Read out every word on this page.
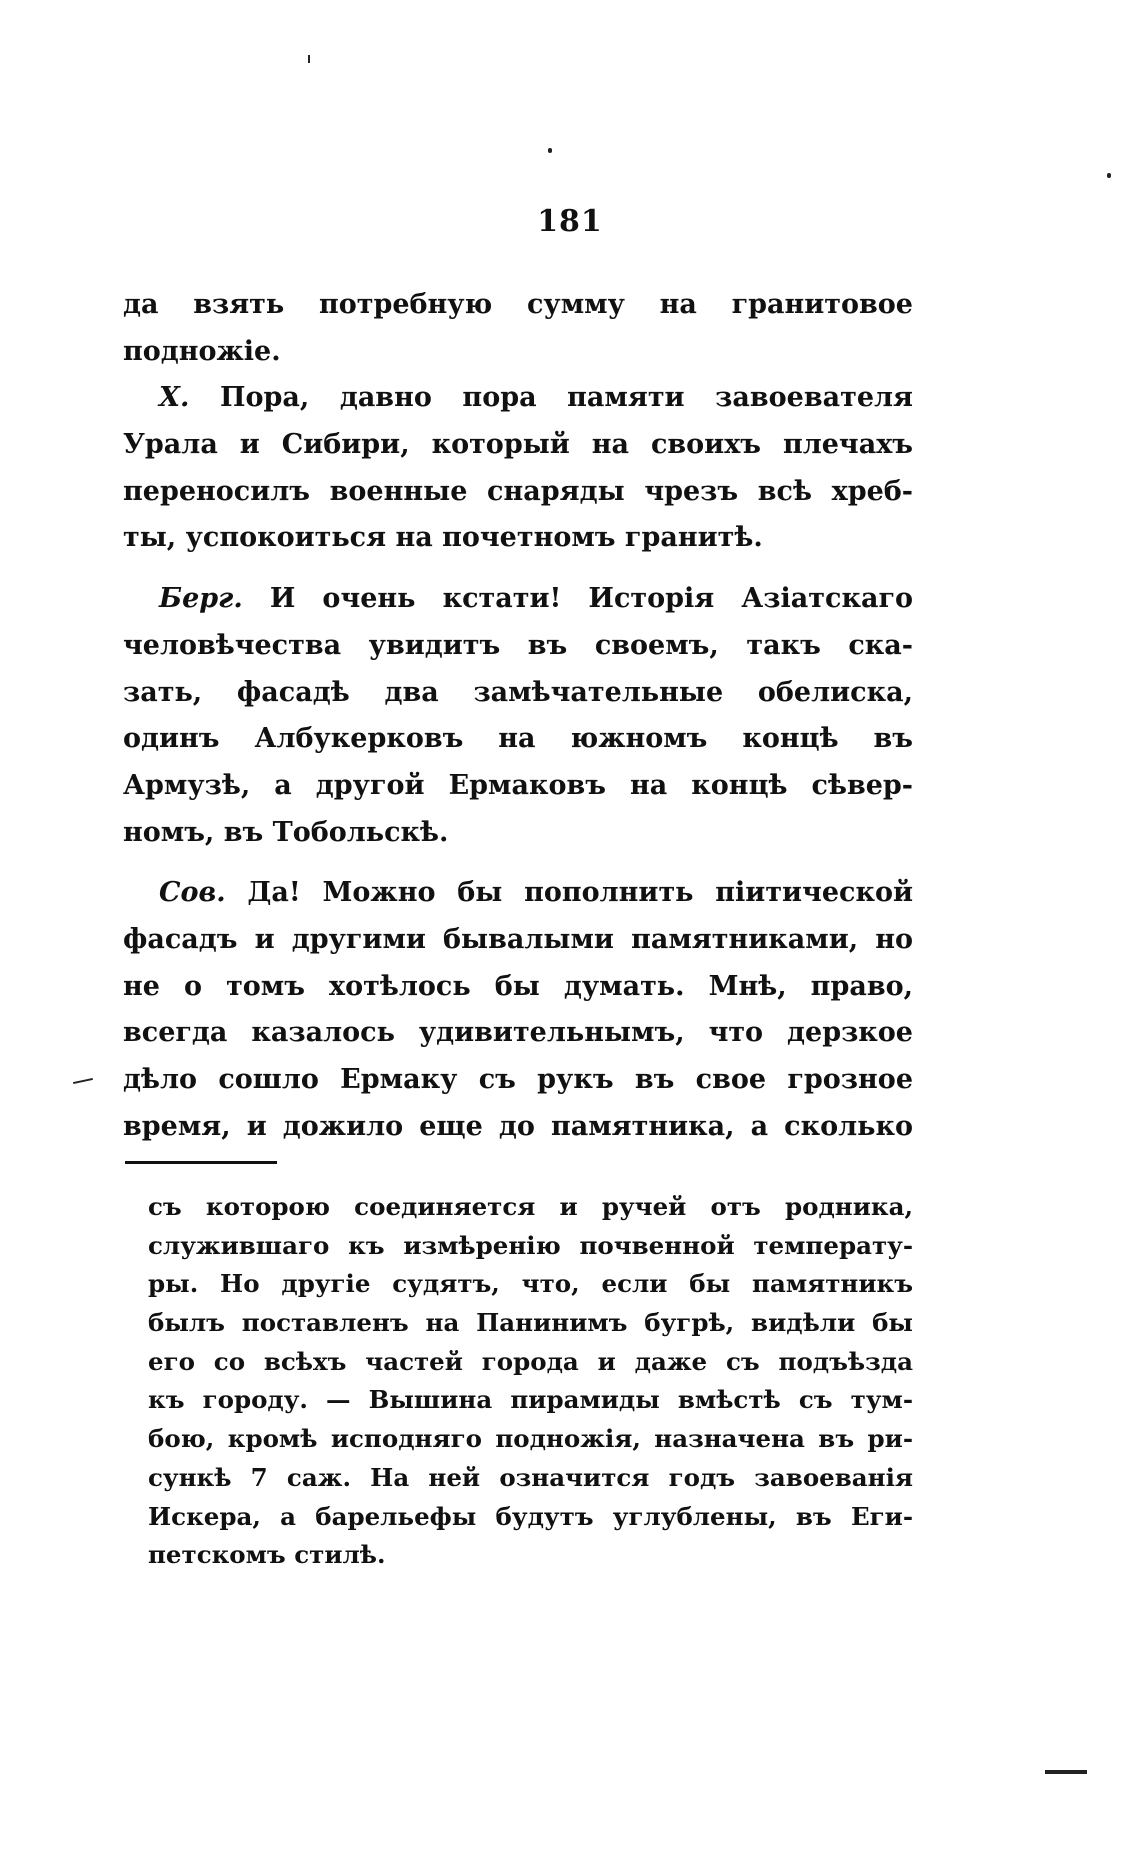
181
да взять потребную сумму на гранитовое
подножіе.
Х. Пора, давно пора памяти завоевателя
Урала и Сибири, который на своихъ плечахъ
переносилъ военные снаряды чрезъ всѣ хреб-
ты, успокоиться на почетномъ гранитѣ.
Берг. И очень кстати! Исторія Азіатскаго
человѣчества увидитъ въ своемъ, такъ ска-
зать, фасадѣ два замѣчательные обелиска,
одинъ Албукерковъ на южномъ концѣ въ
Армузѣ, а другой Ермаковъ на концѣ сѣвер-
номъ, въ Тобольскѣ.
Сов. Да! Можно бы пополнить піитической
фасадъ и другими бывалыми памятниками, но
не о томъ хотѣлось бы думать. Мнѣ, право,
всегда казалось удивительнымъ, что дерзкое
дѣло сошло Ермаку съ рукъ въ свое грозное
время, и дожило еще до памятника, а сколько
съ которою соединяется и ручей отъ родника,
служившаго къ измѣренію почвенной температу-
ры. Но другіе судятъ, что, если бы памятникъ
былъ поставленъ на Панинимъ бугрѣ, видѣли бы
его со всѣхъ частей города и даже съ подъѣзда
къ городу. — Вышина пирамиды вмѣстѣ съ тум-
бою, кромѣ исподняго подножія, назначена въ ри-
сункѣ 7 саж. На ней означится годъ завоеванія
Искера, а барельефы будутъ углублены, въ Еги-
петскомъ стилѣ.
